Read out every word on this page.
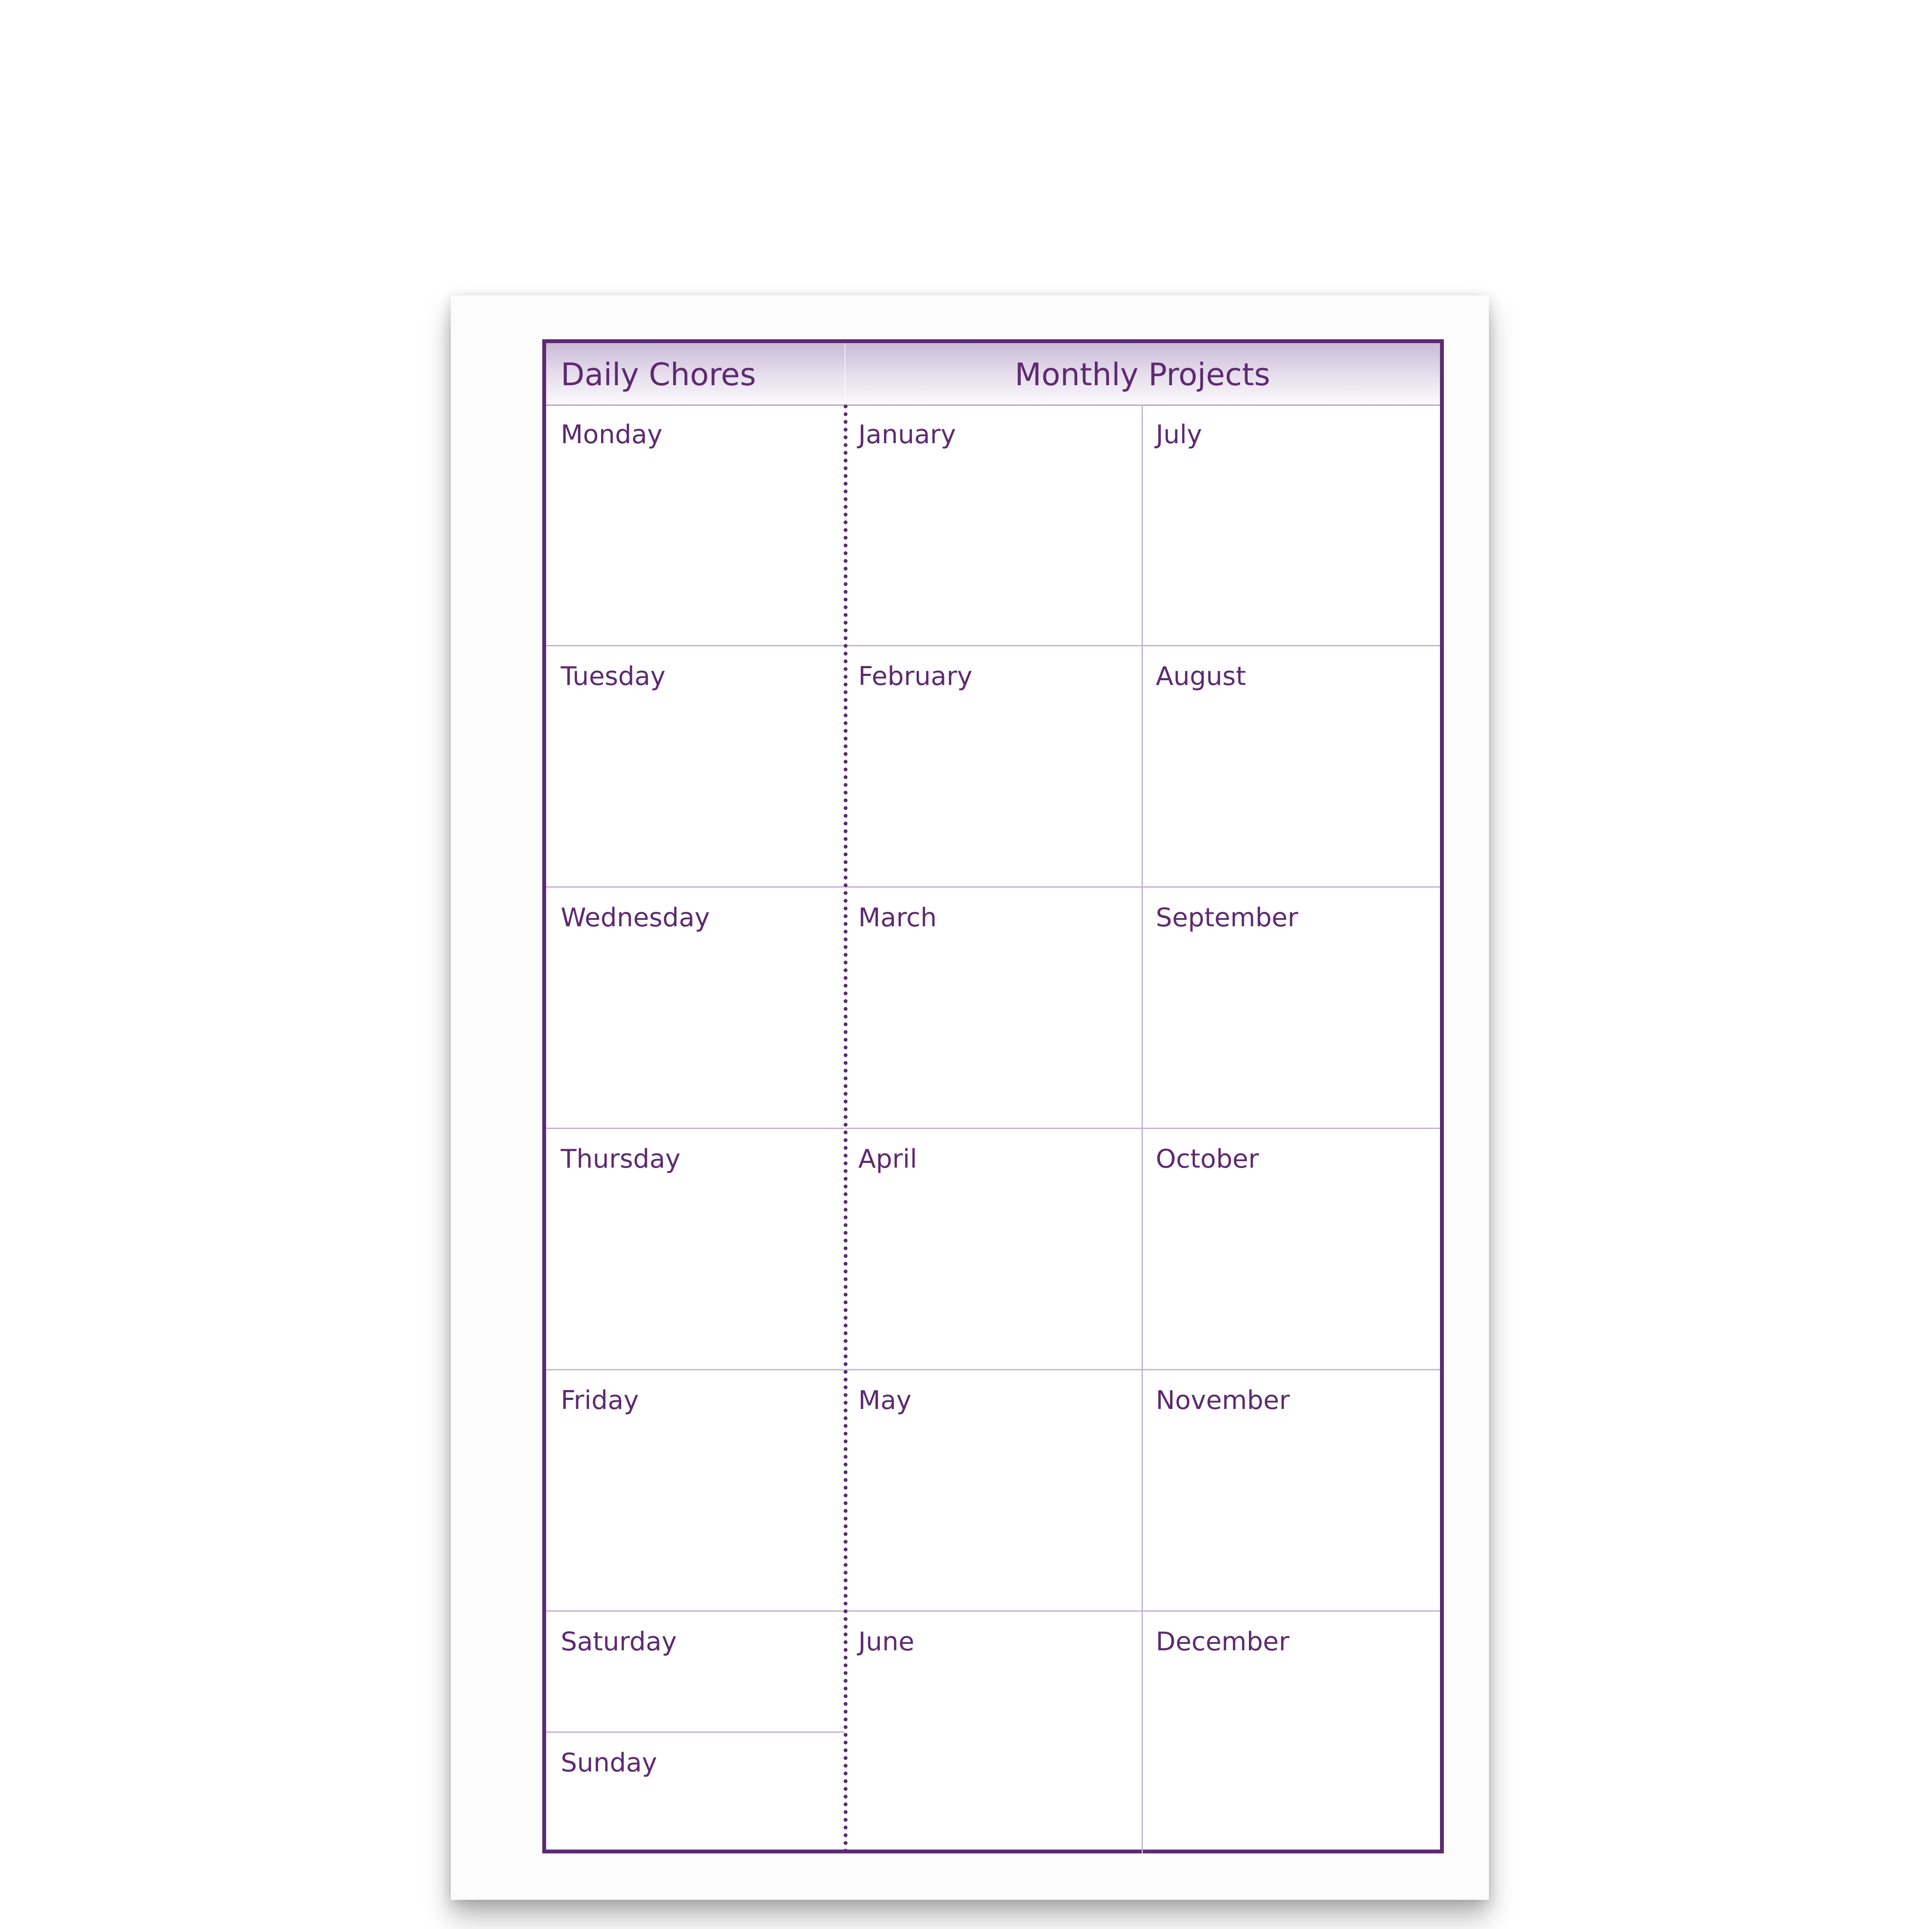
Daily Chores	Monthly Projects
Monday
Tuesday
Wednesday
Thursday
Friday
Saturday
Sunday
January
February
March
April
May
June
July
August
September
October
November
December
